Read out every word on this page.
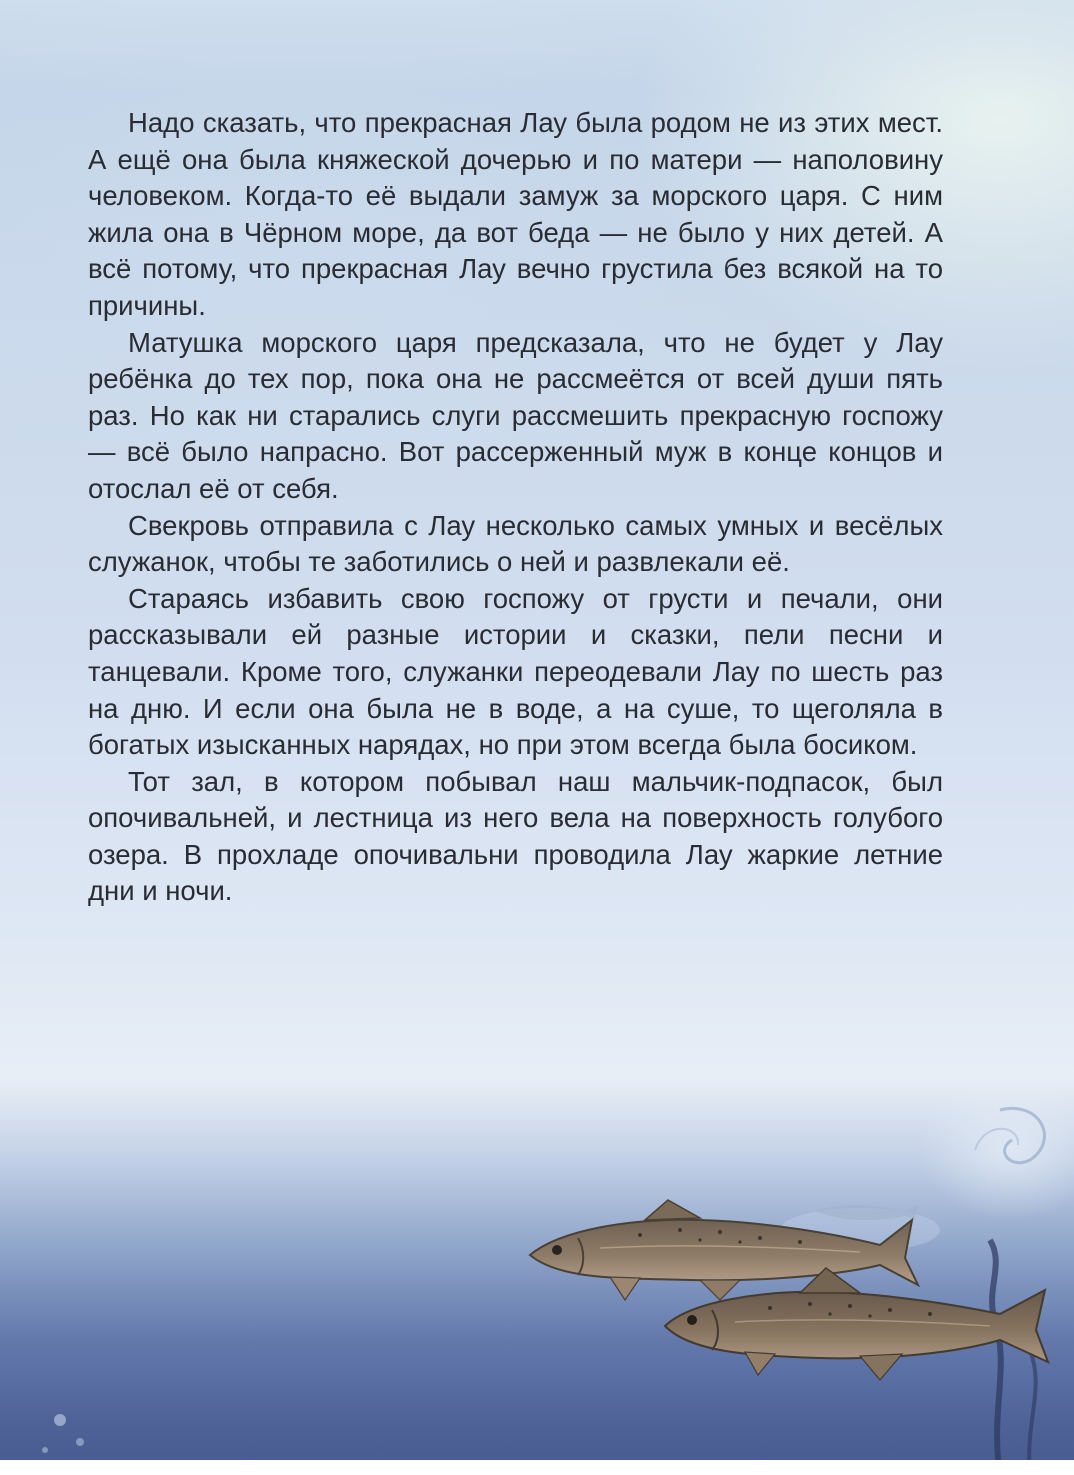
Надо сказать, что прекрасная Лау была родом не из этих мест. А ещё она была княжеской дочерью и по матери — наполовину человеком. Когда-то её выдали замуж за морского царя. С ним жила она в Чёрном море, да вот беда — не было у них детей. А всё потому, что прекрасная Лау вечно грустила без всякой на то причины.

Матушка морского царя предсказала, что не будет у Лау ребёнка до тех пор, пока она не рассмеётся от всей души пять раз. Но как ни старались слуги рассмешить прекрасную госпожу — всё было напрасно. Вот рассерженный муж в конце концов и отослал её от себя.

Свекровь отправила с Лау несколько самых умных и весёлых служанок, чтобы те заботились о ней и развлекали её.

Стараясь избавить свою госпожу от грусти и печали, они рассказывали ей разные истории и сказки, пели песни и танцевали. Кроме того, служанки переодевали Лау по шесть раз на дню. И если она была не в воде, а на суше, то щеголяла в богатых изысканных нарядах, но при этом всегда была босиком.

Тот зал, в котором побывал наш мальчик-подпасок, был опочивальней, и лестница из него вела на поверхность голубого озера. В прохладе опочивальни проводила Лау жаркие летние дни и ночи.
